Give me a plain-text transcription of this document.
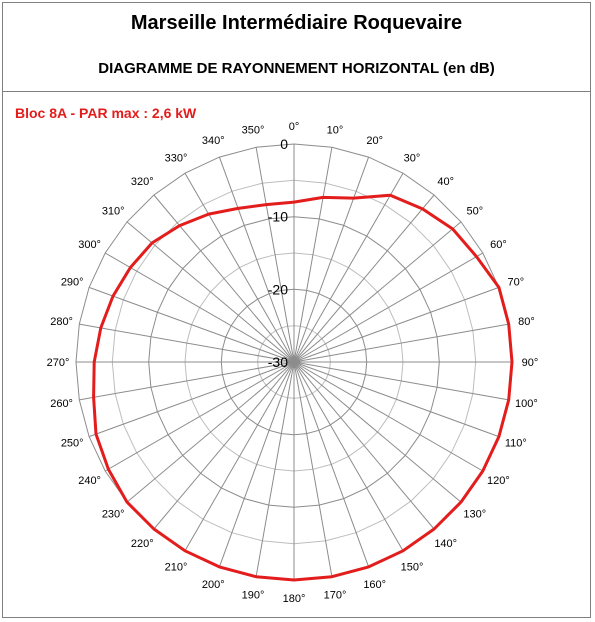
Marseille Intermédiaire Roquevaire
DIAGRAMME DE RAYONNEMENT HORIZONTAL (en dB)
Bloc 8A - PAR max : 2,6 kW
0° 10°
20°
30°
40°
50°
60°
70°
80°
90°
100°
110°
120°
130°
140°
150°
160°
170°
180°
190°
200°
210°
220°
230°
240°
250°
260°
270°
280°
290°
300°
310°
320°
330°
340°
350°
0
-10
-20
-30
